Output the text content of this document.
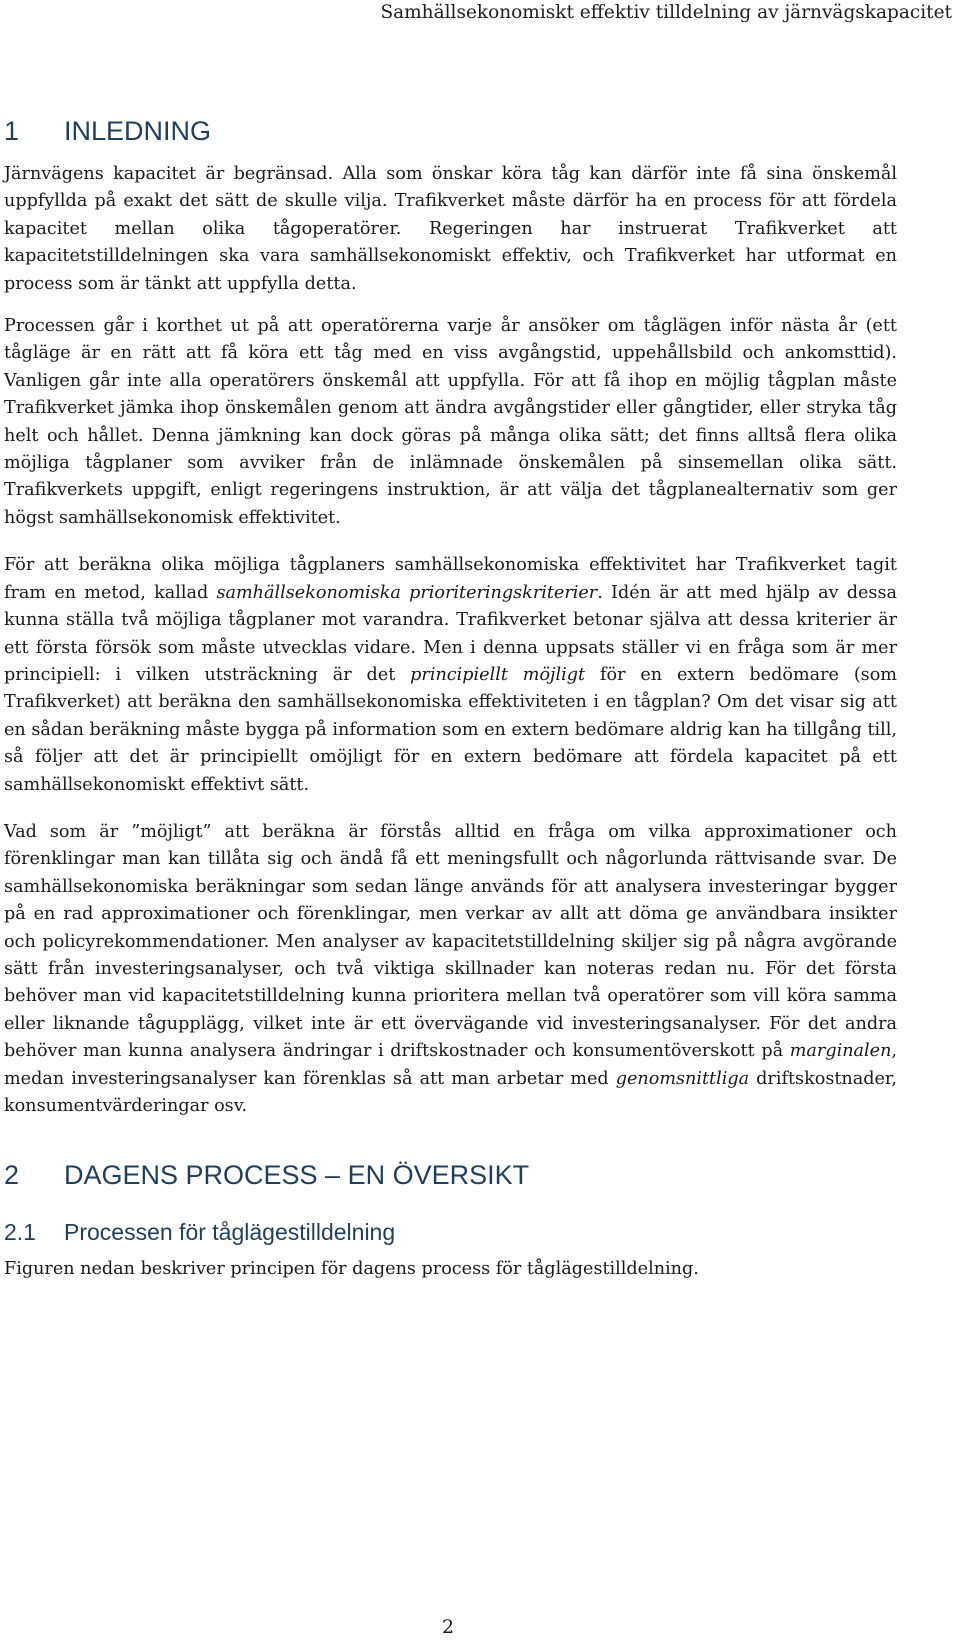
Samhällsekonomiskt effektiv tilldelning av järnvägskapacitet
1 INLEDNING

Järnvägens kapacitet är begränsad. Alla som önskar köra tåg kan därför inte få sina önskemål uppfyllda på exakt det sätt de skulle vilja. Trafikverket måste därför ha en process för att fördela kapacitet mellan olika tågoperatörer. Regeringen har instruerat Trafikverket att kapacitetstilldelningen ska vara samhällsekonomiskt effektiv, och Trafikverket har utformat en process som är tänkt att uppfylla detta.

Processen går i korthet ut på att operatörerna varje år ansöker om tåglägen inför nästa år (ett tågläge är en rätt att få köra ett tåg med en viss avgångstid, uppehållsbild och ankomsttid). Vanligen går inte alla operatörers önskemål att uppfylla. För att få ihop en möjlig tågplan måste Trafikverket jämka ihop önskemålen genom att ändra avgångstider eller gångtider, eller stryka tåg helt och hållet. Denna jämkning kan dock göras på många olika sätt; det finns alltså flera olika möjliga tågplaner som avviker från de inlämnade önskemålen på sinsemellan olika sätt. Trafikverkets uppgift, enligt regeringens instruktion, är att välja det tågplanealternativ som ger högst samhällsekonomisk effektivitet.

För att beräkna olika möjliga tågplaners samhällsekonomiska effektivitet har Trafikverket tagit fram en metod, kallad samhällsekonomiska prioriteringskriterier. Idén är att med hjälp av dessa kunna ställa två möjliga tågplaner mot varandra. Trafikverket betonar själva att dessa kriterier är ett första försök som måste utvecklas vidare. Men i denna uppsats ställer vi en fråga som är mer principiell: i vilken utsträckning är det principiellt möjligt för en extern bedömare (som Trafikverket) att beräkna den samhällsekonomiska effektiviteten i en tågplan? Om det visar sig att en sådan beräkning måste bygga på information som en extern bedömare aldrig kan ha tillgång till, så följer att det är principiellt omöjligt för en extern bedömare att fördela kapacitet på ett samhällsekonomiskt effektivt sätt.

Vad som är ”möjligt” att beräkna är förstås alltid en fråga om vilka approximationer och förenklingar man kan tillåta sig och ändå få ett meningsfullt och någorlunda rättvisande svar. De samhällsekonomiska beräkningar som sedan länge används för att analysera investeringar bygger på en rad approximationer och förenklingar, men verkar av allt att döma ge användbara insikter och policyrekommendationer. Men analyser av kapacitetstilldelning skiljer sig på några avgörande sätt från investeringsanalyser, och två viktiga skillnader kan noteras redan nu. För det första behöver man vid kapacitetstilldelning kunna prioritera mellan två operatörer som vill köra samma eller liknande tågupplägg, vilket inte är ett övervägande vid investeringsanalyser. För det andra behöver man kunna analysera ändringar i driftskostnader och konsumentöverskott på marginalen, medan investeringsanalyser kan förenklas så att man arbetar med genomsnittliga driftskostnader, konsumentvärderingar osv.

2 DAGENS PROCESS – EN ÖVERSIKT
2.1 Processen för tåglägestilldelning

Figuren nedan beskriver principen för dagens process för tåglägestilldelning.

2
